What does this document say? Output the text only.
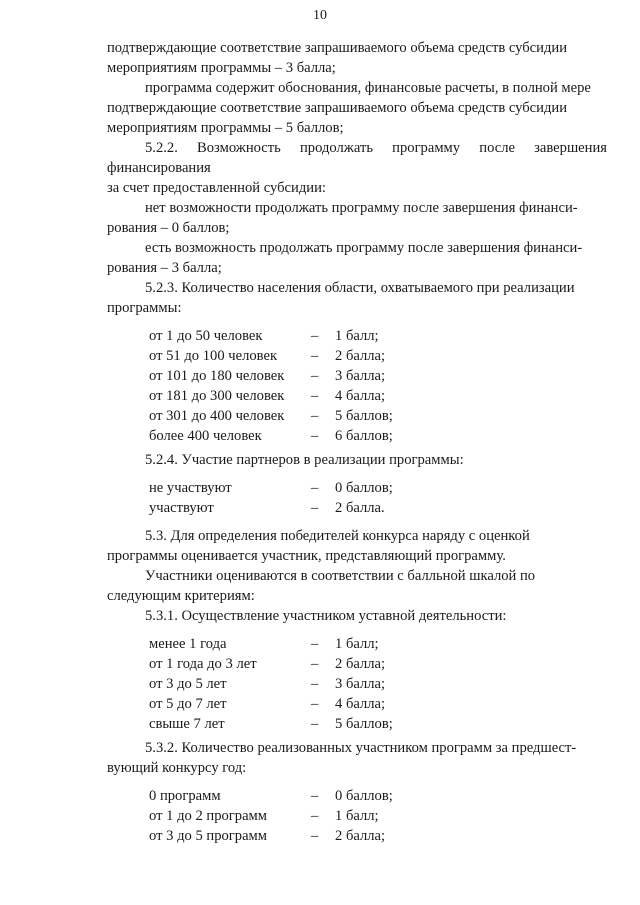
10

подтверждающие соответствие запрашиваемого объема средств субсидии

мероприятиям программы – 3 балла;

программа содержит обоснования, финансовые расчеты, в полной мере

подтверждающие соответствие запрашиваемого объема средств субсидии

мероприятиям программы – 5 баллов;

5.2.2. Возможность продолжать программу после завершения финансирования

за счет предоставленной субсидии:

нет возможности продолжать программу после завершения финанси-

рования – 0 баллов;

есть возможность продолжать программу после завершения финанси-

рования – 3 балла;

5.2.3. Количество населения области, охватываемого при реализации

программы:

от 1 до 50 человек	–	1 балл;
от 51 до 100 человек	–	2 балла;
от 101 до 180 человек	–	3 балла;
от 181 до 300 человек	–	4 балла;
от 301 до 400 человек	–	5 баллов;
более 400 человек	–	6 баллов;

5.2.4. Участие партнеров в реализации программы:

не участвуют	–	0 баллов;
участвуют	–	2 балла.

5.3. Для определения победителей конкурса наряду с оценкой

программы оценивается участник, представляющий программу.

Участники оцениваются в соответствии с балльной шкалой по

следующим критериям:

5.3.1. Осуществление участником уставной деятельности:

менее 1 года	–	1 балл;
от 1 года до 3 лет	–	2 балла;
от 3 до 5 лет	–	3 балла;
от 5 до 7 лет	–	4 балла;
свыше 7 лет	–	5 баллов;

5.3.2. Количество реализованных участником программ за предшест-

вующий конкурсу год:

0 программ	–	0 баллов;
от 1 до 2 программ	–	1 балл;
от 3 до 5 программ	–	2 балла;
